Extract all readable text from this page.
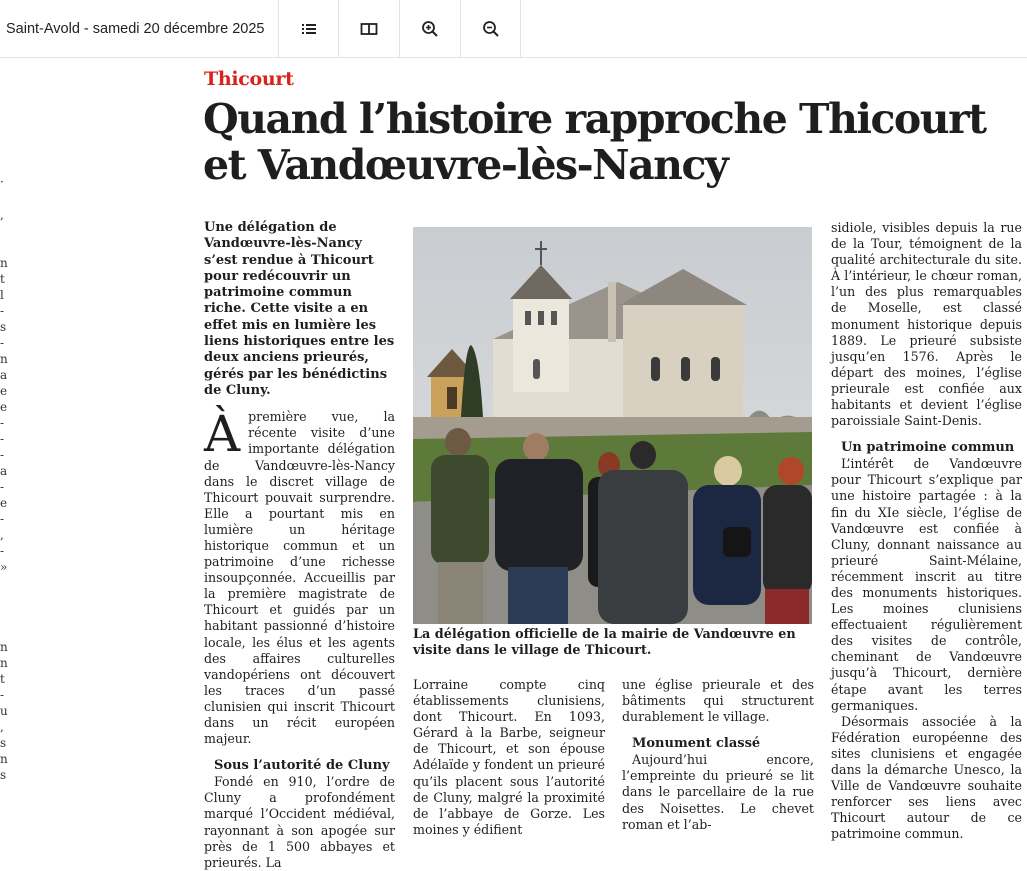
Saint-Avold - samedi 20 décembre 2025
·
,
n
t
l
-
s
-
n
a
e
e
-
-
-
a
-
e
-
,
-
»
n
n
t
-
u
,
s
n
s
Thicourt
Quand l’histoire rapproche Thicourt
et Vandœuvre-lès-Nancy
Une délégation de Vandœuvre-lès-Nancy s’est rendue à Thicourt pour redécouvrir un patrimoine commun riche. Cette visite a en effet mis en lumière les liens historiques entre les deux anciens prieurés, gérés par les bénédictins de Cluny.

Àpremière vue, la récente visite d’une importante délégation de Vandœuvre-lès-Nancy dans le discret village de Thicourt pouvait surprendre. Elle a pourtant mis en lumière un héritage historique commun et un patrimoine d’une richesse insoupçonnée. Accueillis par la première magistrate de Thicourt et guidés par un habitant passionné d’histoire locale, les élus et les agents des affaires culturelles vandopériens ont découvert les traces d’un passé clunisien qui inscrit Thicourt dans un récit européen majeur.

Sous l’autorité de Cluny

Fondé en 910, l’ordre de Cluny a profondément marqué l’Occident médiéval, rayonnant à son apogée sur près de 1 500 abbayes et prieurés. La

La délégation officielle de la mairie de Vandœuvre en visite dans le village de Thicourt.

Lorraine compte cinq établissements clunisiens, dont Thicourt. En 1093, Gérard à la Barbe, seigneur de Thicourt, et son épouse Adélaïde y fondent un prieuré qu’ils placent sous l’autorité de Cluny, malgré la proximité de l’abbaye de Gorze. Les moines y édifient

une église prieurale et des bâtiments qui structurent durablement le village.

Monument classé

Aujourd’hui encore, l’empreinte du prieuré se lit dans le parcellaire de la rue des Noisettes. Le chevet roman et l’ab-

sidiole, visibles depuis la rue de la Tour, témoignent de la qualité architecturale du site. À l’intérieur, le chœur roman, l’un des plus remarquables de Moselle, est classé monument historique depuis 1889. Le prieuré subsiste jusqu’en 1576. Après le départ des moines, l’église prieurale est confiée aux habitants et devient l’église paroissiale Saint-Denis.

Un patrimoine commun

L’intérêt de Vandœuvre pour Thicourt s’explique par une histoire partagée : à la fin du XIe siècle, l’église de Vandœuvre est confiée à Cluny, donnant naissance au prieuré Saint-Mélaine, récemment inscrit au titre des monuments historiques. Les moines clunisiens effectuaient régulièrement des visites de contrôle, cheminant de Vandœuvre jusqu’à Thicourt, dernière étape avant les terres germaniques.

Désormais associée à la Fédération européenne des sites clunisiens et engagée dans la démarche Unesco, la Ville de Vandœuvre souhaite renforcer ses liens avec Thicourt autour de ce patrimoine commun.
